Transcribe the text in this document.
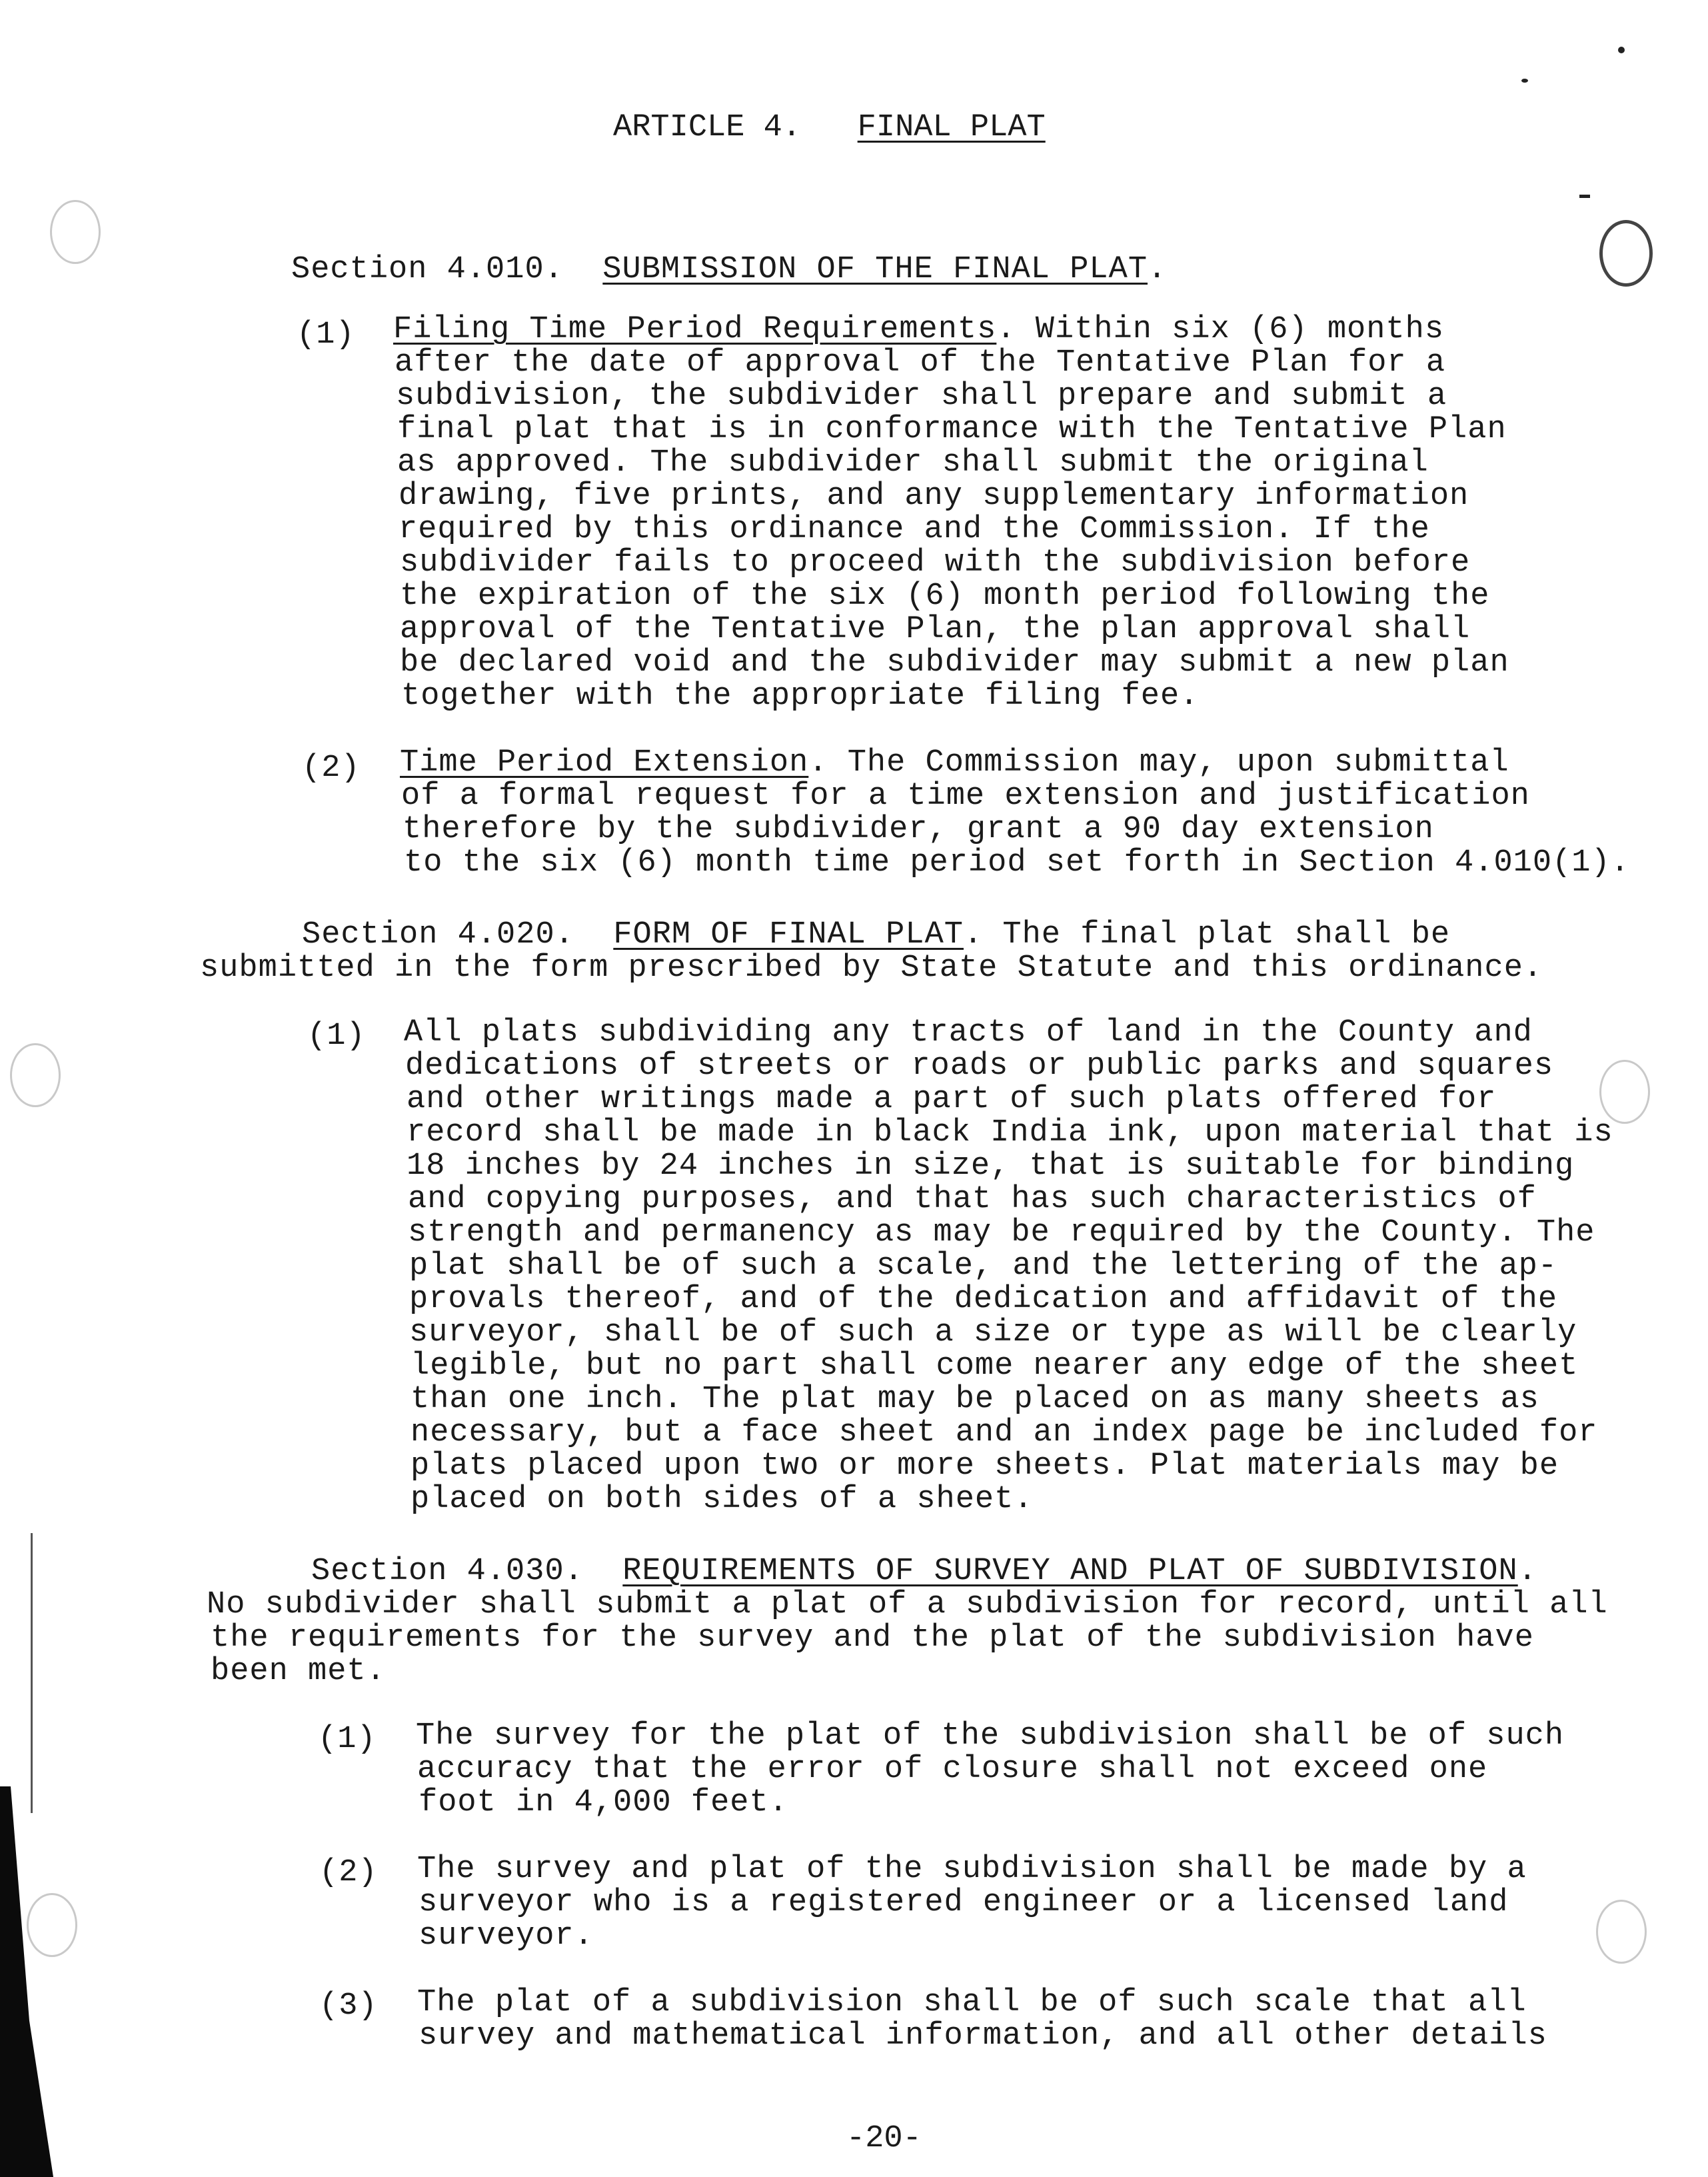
ARTICLE 4. FINAL PLAT
Section 4.010. SUBMISSION OF THE FINAL PLAT.
(1) Filing Time Period Requirements. Within six (6) months
after the date of approval of the Tentative Plan for a
subdivision, the subdivider shall prepare and submit a
final plat that is in conformance with the Tentative Plan
as approved. The subdivider shall submit the original
drawing, five prints, and any supplementary information
required by this ordinance and the Commission. If the
subdivider fails to proceed with the subdivision before
the expiration of the six (6) month period following the
approval of the Tentative Plan, the plan approval shall
be declared void and the subdivider may submit a new plan
together with the appropriate filing fee.
(2) Time Period Extension. The Commission may, upon submittal
of a formal request for a time extension and justification
therefore by the subdivider, grant a 90 day extension
to the six (6) month time period set forth in Section 4.010(1).
Section 4.020. FORM OF FINAL PLAT. The final plat shall be
submitted in the form prescribed by State Statute and this ordinance.
(1) All plats subdividing any tracts of land in the County and
dedications of streets or roads or public parks and squares
and other writings made a part of such plats offered for
record shall be made in black India ink, upon material that is
18 inches by 24 inches in size, that is suitable for binding
and copying purposes, and that has such characteristics of
strength and permanency as may be required by the County. The
plat shall be of such a scale, and the lettering of the ap-
provals thereof, and of the dedication and affidavit of the
surveyor, shall be of such a size or type as will be clearly
legible, but no part shall come nearer any edge of the sheet
than one inch. The plat may be placed on as many sheets as
necessary, but a face sheet and an index page be included for
plats placed upon two or more sheets. Plat materials may be
placed on both sides of a sheet.
Section 4.030. REQUIREMENTS OF SURVEY AND PLAT OF SUBDIVISION.
No subdivider shall submit a plat of a subdivision for record, until all
the requirements for the survey and the plat of the subdivision have
been met.
(1) The survey for the plat of the subdivision shall be of such
accuracy that the error of closure shall not exceed one
foot in 4,000 feet.
(2) The survey and plat of the subdivision shall be made by a
surveyor who is a registered engineer or a licensed land
surveyor.
(3) The plat of a subdivision shall be of such scale that all
survey and mathematical information, and all other details
-20-
